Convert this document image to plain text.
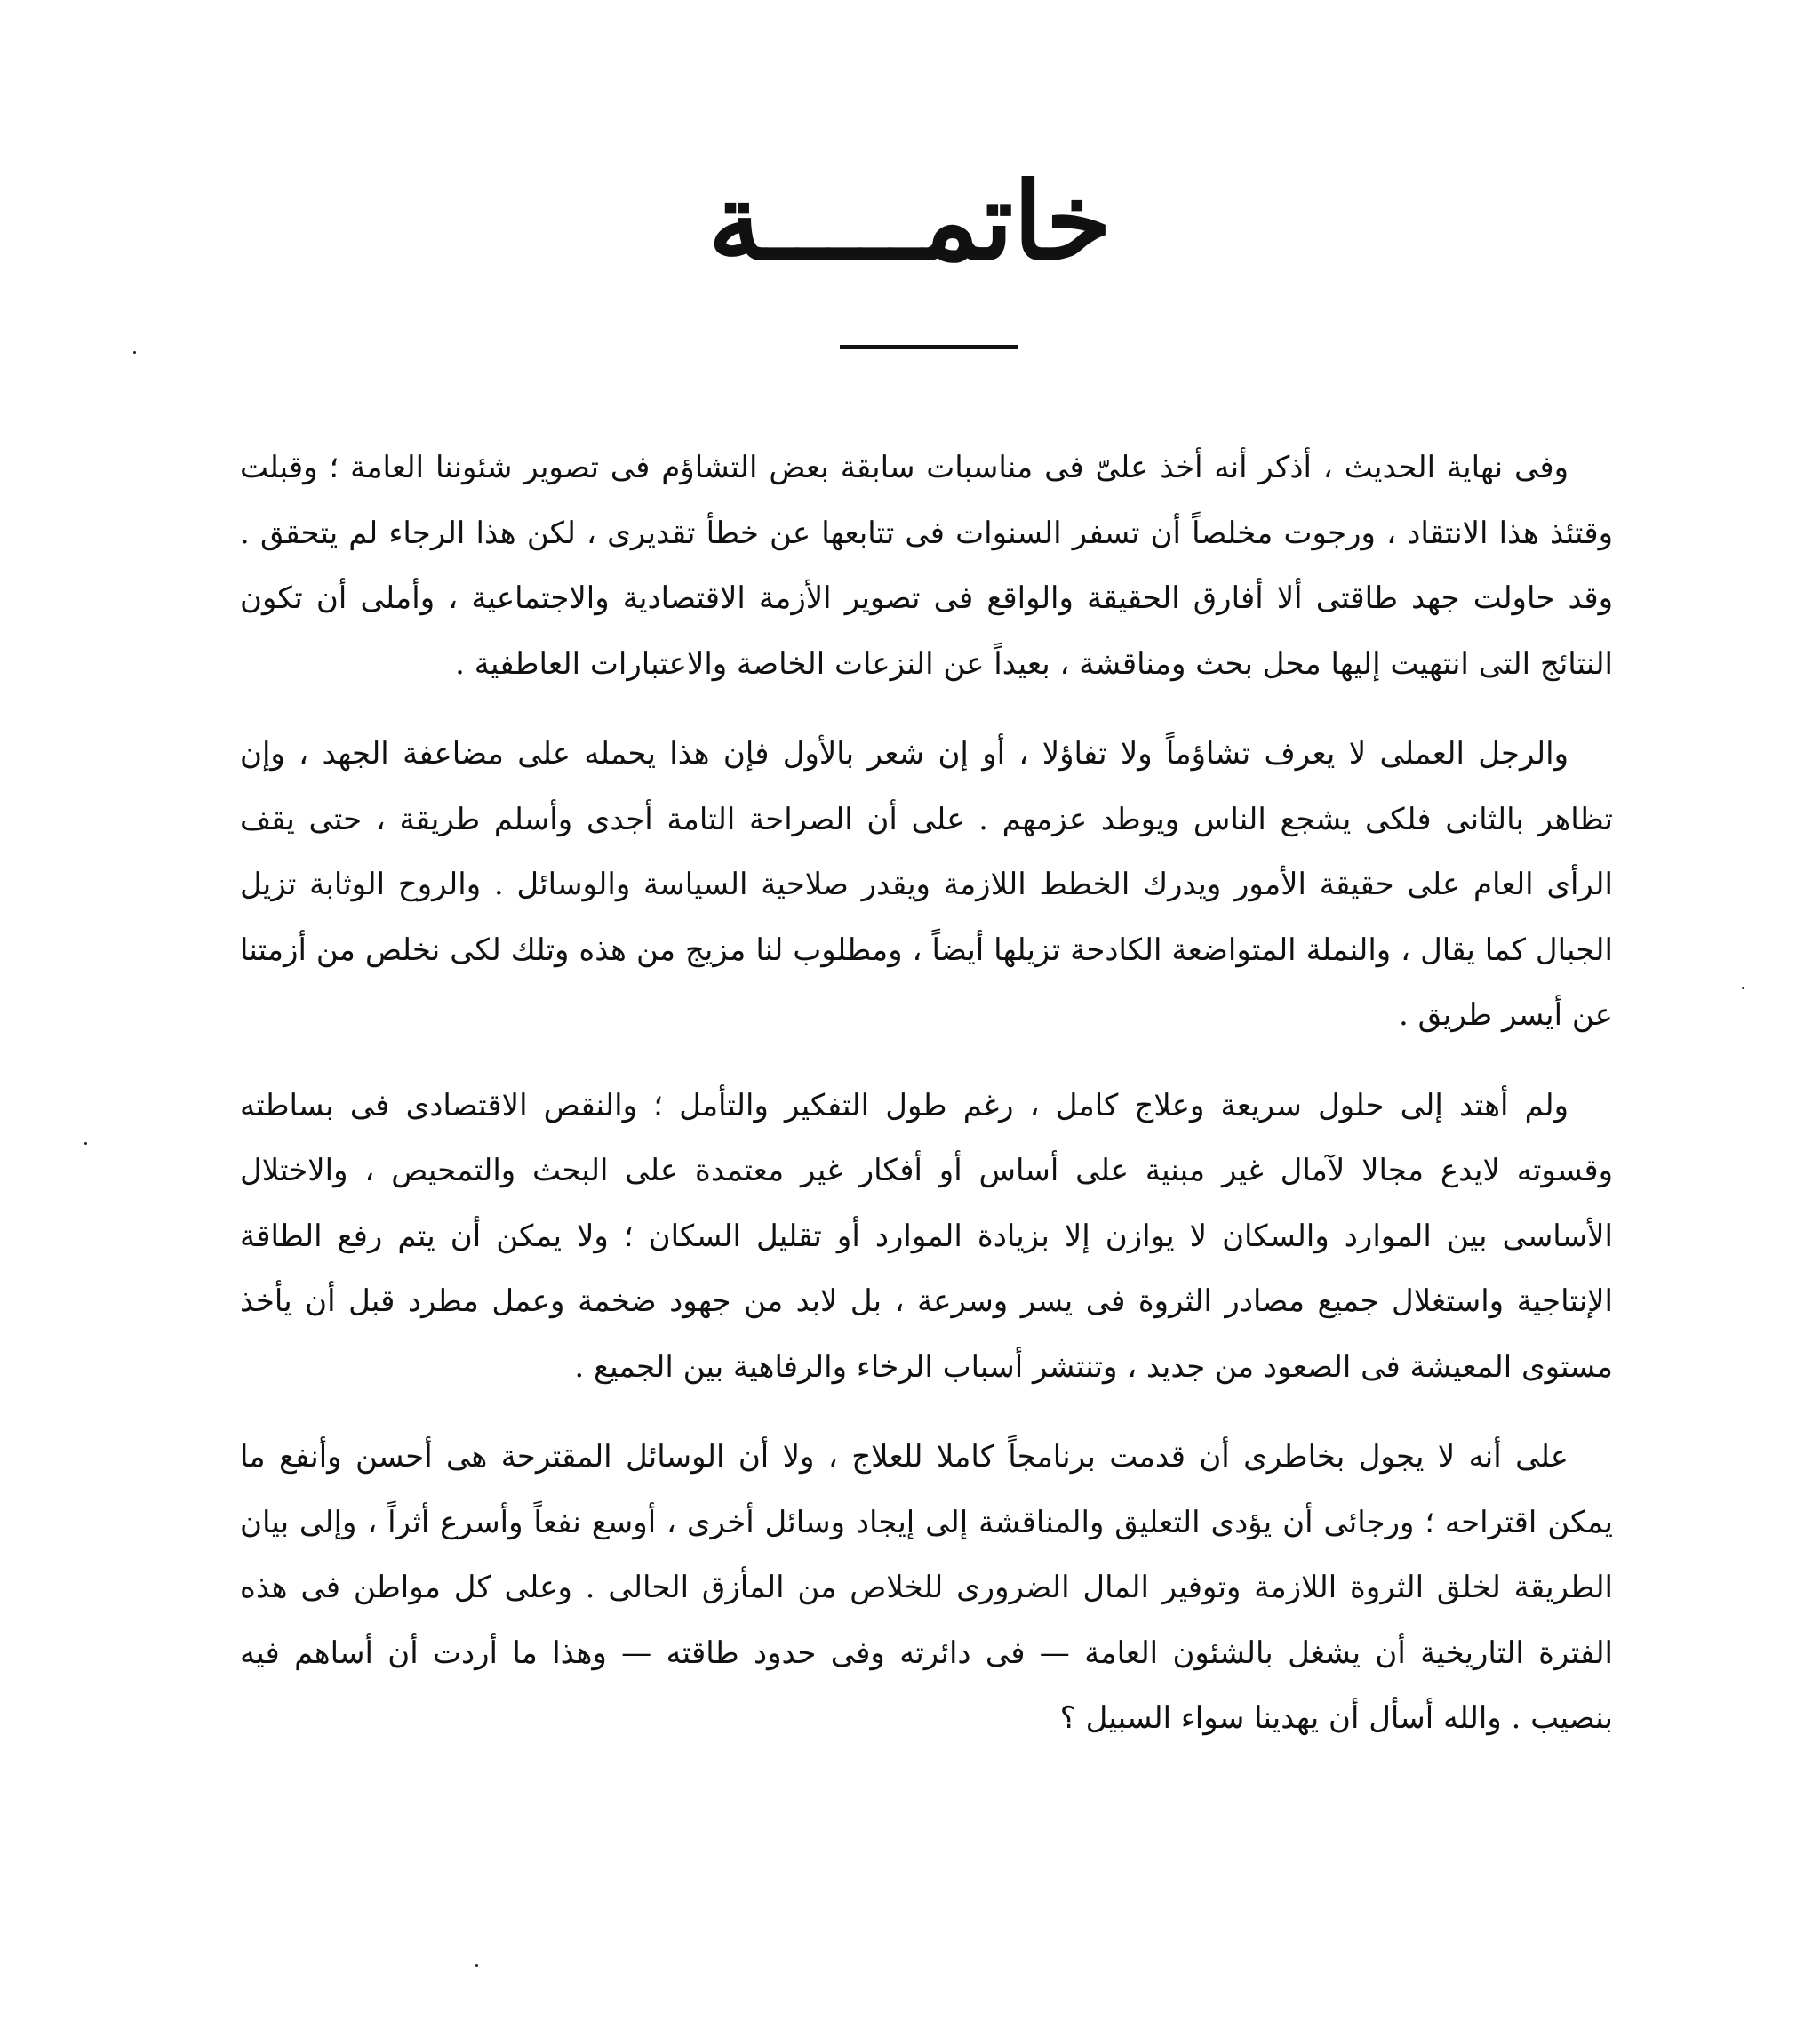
خاتمـــــة

وفى نهاية الحديث ، أذكر أنه أخذ علىّ فى مناسبات سابقة بعض التشاؤم فى تصوير شئوننا العامة ؛ وقبلت وقتئذ هذا الانتقاد ، ورجوت مخلصاً أن تسفر السنوات فى تتابعها عن خطأ تقديرى ، لكن هذا الرجاء لم يتحقق . وقد حاولت جهد طاقتى ألا أفارق الحقيقة والواقع فى تصوير الأزمة الاقتصادية والاجتماعية ، وأملى أن تكون النتائج التى انتهيت إليها محل بحث ومناقشة ، بعيداً عن النزعات الخاصة والاعتبارات العاطفية .

والرجل العملى لا يعرف تشاؤماً ولا تفاؤلا ، أو إن شعر بالأول فإن هذا يحمله على مضاعفة الجهد ، وإن تظاهر بالثانى فلكى يشجع الناس ويوطد عزمهم . على أن الصراحة التامة أجدى وأسلم طريقة ، حتى يقف الرأى العام على حقيقة الأمور ويدرك الخطط اللازمة ويقدر صلاحية السياسة والوسائل . والروح الوثابة تزيل الجبال كما يقال ، والنملة المتواضعة الكادحة تزيلها أيضاً ، ومطلوب لنا مزيج من هذه وتلك لكى نخلص من أزمتنا عن أيسر طريق .

ولم أهتد إلى حلول سريعة وعلاج كامل ، رغم طول التفكير والتأمل ؛ والنقص الاقتصادى فى بساطته وقسوته لايدع مجالا لآمال غير مبنية على أساس أو أفكار غير معتمدة على البحث والتمحيص ، والاختلال الأساسى بين الموارد والسكان لا يوازن إلا بزيادة الموارد أو تقليل السكان ؛ ولا يمكن أن يتم رفع الطاقة الإنتاجية واستغلال جميع مصادر الثروة فى يسر وسرعة ، بل لابد من جهود ضخمة وعمل مطرد قبل أن يأخذ مستوى المعيشة فى الصعود من جديد ، وتنتشر أسباب الرخاء والرفاهية بين الجميع .

على أنه لا يجول بخاطرى أن قدمت برنامجاً كاملا للعلاج ، ولا أن الوسائل المقترحة هى أحسن وأنفع ما يمكن اقتراحه ؛ ورجائى أن يؤدى التعليق والمناقشة إلى إيجاد وسائل أخرى ، أوسع نفعاً وأسرع أثراً ، وإلى بيان الطريقة لخلق الثروة اللازمة وتوفير المال الضرورى للخلاص من المأزق الحالى . وعلى كل مواطن فى هذه الفترة التاريخية أن يشغل بالشئون العامة — فى دائرته وفى حدود طاقته — وهذا ما أردت أن أساهم فيه بنصيب . والله أسأل أن يهدينا سواء السبيل ؟
